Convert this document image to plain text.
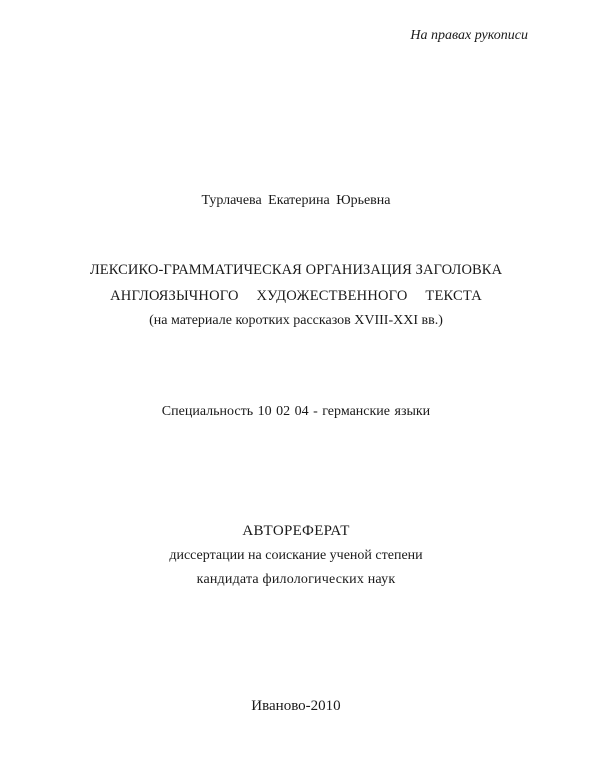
На правах рукописи
Турлачева Екатерина Юрьевна
ЛЕКСИКО-ГРАММАТИЧЕСКАЯ ОРГАНИЗАЦИЯ ЗАГОЛОВКА
АНГЛОЯЗЫЧНОГО ХУДОЖЕСТВЕННОГО ТЕКСТА
(на материале коротких рассказов XVIII-XXI вв.)
Специальность 10 02 04 - германские языки
АВТОРЕФЕРАТ
диссертации на соискание ученой степени
кандидата филологических наук
Иваново-2010
